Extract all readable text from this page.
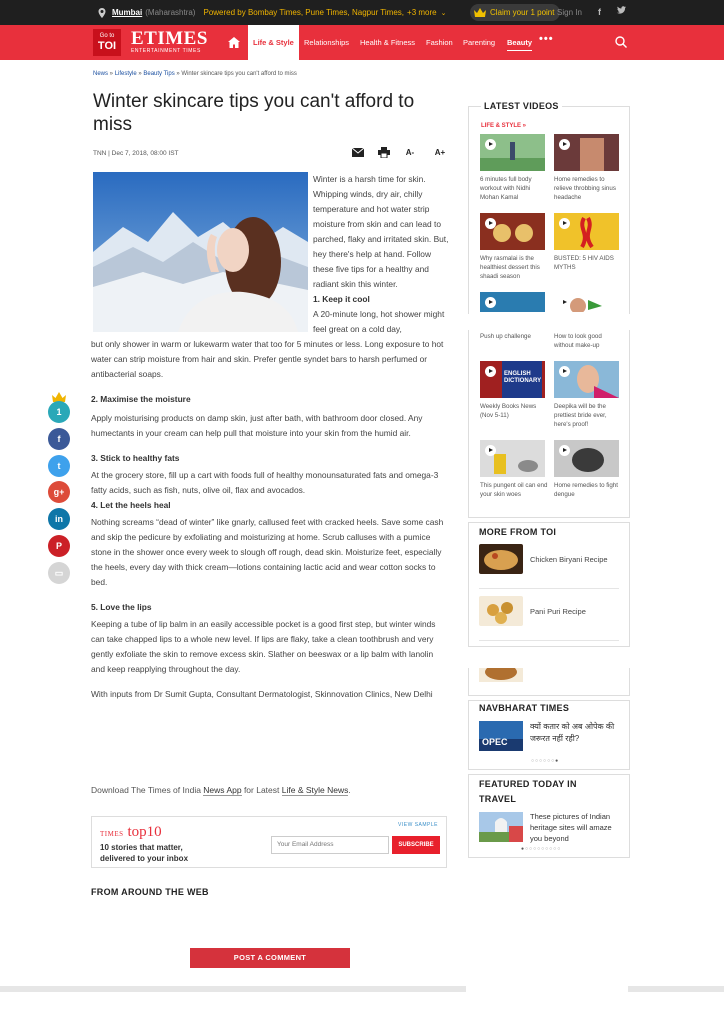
Mumbai (Maharashtra) Powered by Bombay Times, Pune Times, Nagpur Times, +3 more ⌄	Claim your 1 point Sign In f
Go to
TOI ETIMES
ENTERTAINMENT TIMES
Life & Style	Relationships Health & Fitness Fashion Parenting Beauty •••
News » Lifestyle » Beauty Tips » Winter skincare tips you can't afford to miss
Winter skincare tips you can't afford to miss
TNN | Dec 7, 2018, 08:00 IST	A-	A+

Winter is a harsh time for skin. Whipping winds, dry air, chilly temperature and hot water strip moisture from skin and can lead to parched, flaky and irritated skin. But, hey there's help at hand. Follow these five tips for a healthy and radiant skin this winter.

1. Keep it cool

A 20-minute long, hot shower might feel great on a cold day,

but only shower in warm or lukewarm water that too for 5 minutes or less. Long exposure to hot water can strip moisture from hair and skin. Prefer gentle syndet bars to harsh perfumed or antibacterial soaps.

2. Maximise the moisture

Apply moisturising products on damp skin, just after bath, with bathroom door closed. Any humectants in your cream can help pull that moisture into your skin from the humid air.

3. Stick to healthy fats

At the grocery store, fill up a cart with foods full of healthy monounsaturated fats and omega-3 fatty acids, such as fish, nuts, olive oil, flax and avocados.

4. Let the heels heal

Nothing screams “dead of winter” like gnarly, callused feet with cracked heels. Save some cash and skip the pedicure by exfoliating and moisturizing at home. Scrub calluses with a pumice stone in the shower once every week to slough off rough, dead skin. Moisturize feet, especially the heels, every day with thick cream—lotions containing lactic acid and wear cotton socks to bed.

5. Love the lips

Keeping a tube of lip balm in an easily accessible pocket is a good first step, but winter winds can take chapped lips to a whole new level. If lips are flaky, take a clean toothbrush and very gently exfoliate the skin to remove excess skin. Slather on beeswax or a lip balm with lanolin and keep reapplying throughout the day.

With inputs from Dr Sumit Gupta, Consultant Dermatologist, Skinnovation Clinics, New Delhi

1
f
t
g+
in
P
▭
Download The Times of India News App for Latest Life & Style News.
TIMES top10
10 stories that matter,
delivered to your inbox
VIEW SAMPLE
Your Email Address	SUBSCRIBE
FROM AROUND THE WEB
POST A COMMENT
LATEST VIDEOS
LIFE & STYLE »
6 minutes full body workout with Nidhi Mohan Kamal
Home remedies to relieve throbbing sinus headache
Why rasmalai is the healthiest dessert this shaadi season
BUSTED: 5 HIV AIDS MYTHS
Push up challenge	How to look good without make-up
ENGLISH DICTIONARY
Weekly Books News (Nov 5-11)
Deepika will be the prettiest bride ever, here's proof!
This pungent oil can end your skin woes
Home remedies to fight dengue
MORE FROM TOI
Chicken Biryani Recipe
Pani Puri Recipe
NAVBHARAT TIMES
OPEC
क्यों कतार को अब ओपेक की जरूरत नहीं रही?
○○○○○○●
FEATURED TODAY IN
TRAVEL
These pictures of Indian heritage sites will amaze you beyond
●○○○○○○○○○
